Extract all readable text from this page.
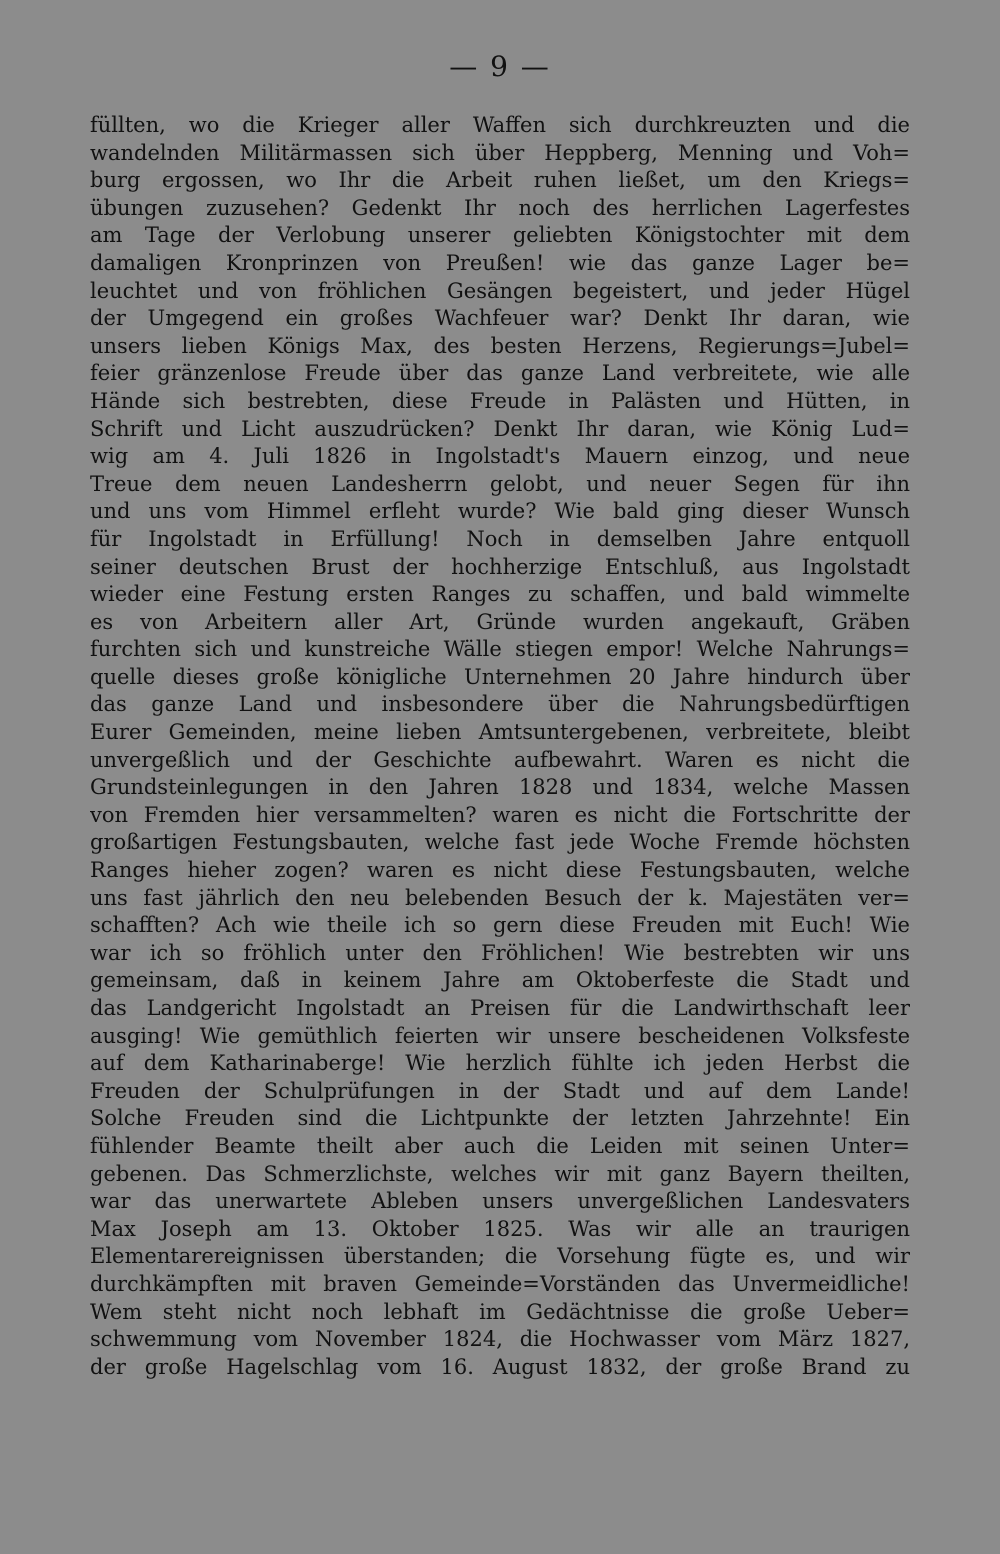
— 9 —
füllten, wo die Krieger aller Waffen sich durchkreuzten und die
wandelnden Militärmassen sich über Heppberg, Menning und Voh=
burg ergossen, wo Ihr die Arbeit ruhen ließet, um den Kriegs=
übungen zuzusehen? Gedenkt Ihr noch des herrlichen Lagerfestes
am Tage der Verlobung unserer geliebten Königstochter mit dem
damaligen Kronprinzen von Preußen! wie das ganze Lager be=
leuchtet und von fröhlichen Gesängen begeistert, und jeder Hügel
der Umgegend ein großes Wachfeuer war? Denkt Ihr daran, wie
unsers lieben Königs Max, des besten Herzens, Regierungs=Jubel=
feier gränzenlose Freude über das ganze Land verbreitete, wie alle
Hände sich bestrebten, diese Freude in Palästen und Hütten, in
Schrift und Licht auszudrücken? Denkt Ihr daran, wie König Lud=
wig am 4. Juli 1826 in Ingolstadt's Mauern einzog, und neue
Treue dem neuen Landesherrn gelobt, und neuer Segen für ihn
und uns vom Himmel erfleht wurde? Wie bald ging dieser Wunsch
für Ingolstadt in Erfüllung! Noch in demselben Jahre entquoll
seiner deutschen Brust der hochherzige Entschluß, aus Ingolstadt
wieder eine Festung ersten Ranges zu schaffen, und bald wimmelte
es von Arbeitern aller Art, Gründe wurden angekauft, Gräben
furchten sich und kunstreiche Wälle stiegen empor! Welche Nahrungs=
quelle dieses große königliche Unternehmen 20 Jahre hindurch über
das ganze Land und insbesondere über die Nahrungsbedürftigen
Eurer Gemeinden, meine lieben Amtsuntergebenen, verbreitete, bleibt
unvergeßlich und der Geschichte aufbewahrt. Waren es nicht die
Grundsteinlegungen in den Jahren 1828 und 1834, welche Massen
von Fremden hier versammelten? waren es nicht die Fortschritte der
großartigen Festungsbauten, welche fast jede Woche Fremde höchsten
Ranges hieher zogen? waren es nicht diese Festungsbauten, welche
uns fast jährlich den neu belebenden Besuch der k. Majestäten ver=
schafften? Ach wie theile ich so gern diese Freuden mit Euch! Wie
war ich so fröhlich unter den Fröhlichen! Wie bestrebten wir uns
gemeinsam, daß in keinem Jahre am Oktoberfeste die Stadt und
das Landgericht Ingolstadt an Preisen für die Landwirthschaft leer
ausging! Wie gemüthlich feierten wir unsere bescheidenen Volksfeste
auf dem Katharinaberge! Wie herzlich fühlte ich jeden Herbst die
Freuden der Schulprüfungen in der Stadt und auf dem Lande!
Solche Freuden sind die Lichtpunkte der letzten Jahrzehnte! Ein
fühlender Beamte theilt aber auch die Leiden mit seinen Unter=
gebenen. Das Schmerzlichste, welches wir mit ganz Bayern theilten,
war das unerwartete Ableben unsers unvergeßlichen Landesvaters
Max Joseph am 13. Oktober 1825. Was wir alle an traurigen
Elementarereignissen überstanden; die Vorsehung fügte es, und wir
durchkämpften mit braven Gemeinde=Vorständen das Unvermeidliche!
Wem steht nicht noch lebhaft im Gedächtnisse die große Ueber=
schwemmung vom November 1824, die Hochwasser vom März 1827,
der große Hagelschlag vom 16. August 1832, der große Brand zu
